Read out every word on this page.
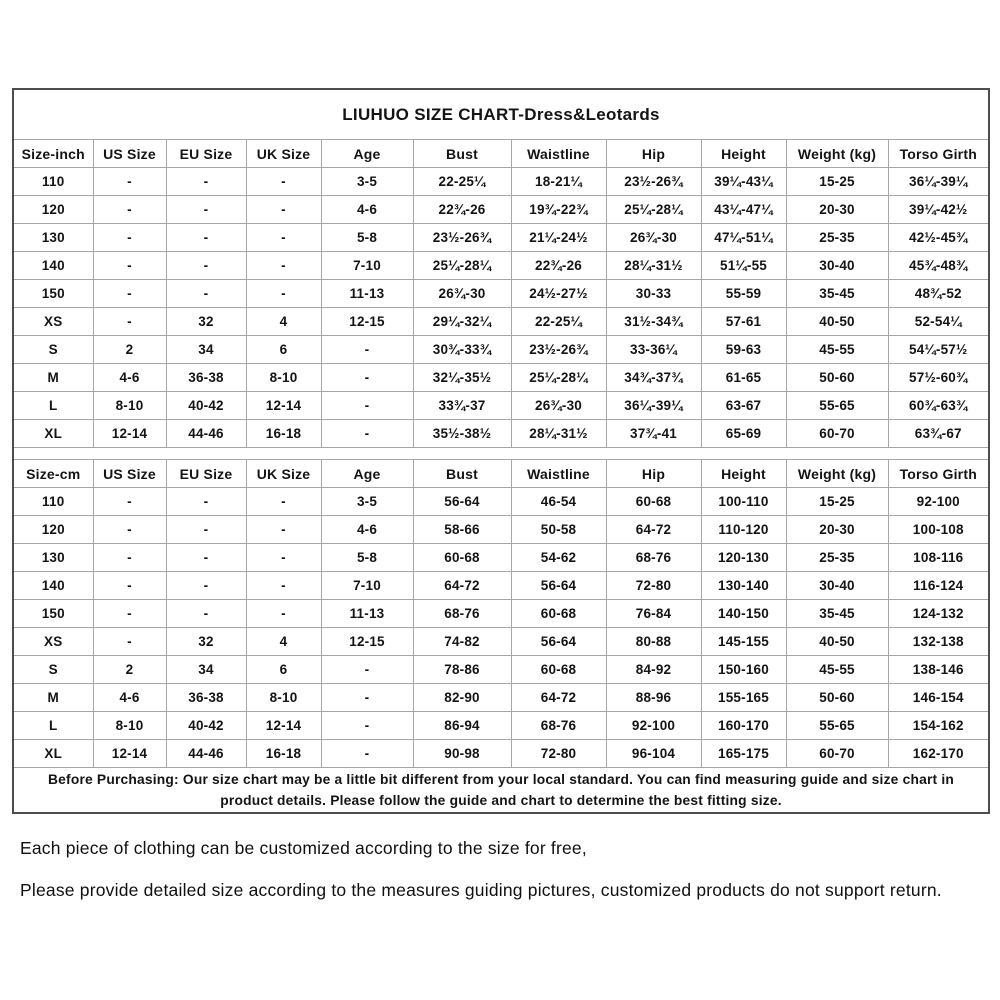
LIUHUO SIZE CHART-Dress&Leotards										
Size-inch	US Size	EU Size	UK Size	Age	Bust	Waistline	Hip	Height	Weight (kg)	Torso Girth
110	-	-	-	3-5	22-25¼	18-21¼	23½-26¾	39¼-43¼	15-25	36¼-39¼
120	-	-	-	4-6	22¾-26	19¾-22¾	25¼-28¼	43¼-47¼	20-30	39¼-42½
130	-	-	-	5-8	23½-26¾	21¼-24½	26¾-30	47¼-51¼	25-35	42½-45¾
140	-	-	-	7-10	25¼-28¼	22¾-26	28¼-31½	51¼-55	30-40	45¾-48¾
150	-	-	-	11-13	26¾-30	24½-27½	30-33	55-59	35-45	48¾-52
XS	-	32	4	12-15	29¼-32¼	22-25¼	31½-34¾	57-61	40-50	52-54¼
S	2	34	6	-	30¾-33¾	23½-26¾	33-36¼	59-63	45-55	54¼-57½
M	4-6	36-38	8-10	-	32¼-35½	25¼-28¼	34¾-37¾	61-65	50-60	57½-60¾
L	8-10	40-42	12-14	-	33¾-37	26¾-30	36¼-39¼	63-67	55-65	60¾-63¾
XL	12-14	44-46	16-18	-	35½-38½	28¼-31½	37¾-41	65-69	60-70	63¾-67

Size-cm	US Size	EU Size	UK Size	Age	Bust	Waistline	Hip	Height	Weight (kg)	Torso Girth
110	-	-	-	3-5	56-64	46-54	60-68	100-110	15-25	92-100
120	-	-	-	4-6	58-66	50-58	64-72	110-120	20-30	100-108
130	-	-	-	5-8	60-68	54-62	68-76	120-130	25-35	108-116
140	-	-	-	7-10	64-72	56-64	72-80	130-140	30-40	116-124
150	-	-	-	11-13	68-76	60-68	76-84	140-150	35-45	124-132
XS	-	32	4	12-15	74-82	56-64	80-88	145-155	40-50	132-138
S	2	34	6	-	78-86	60-68	84-92	150-160	45-55	138-146
M	4-6	36-38	8-10	-	82-90	64-72	88-96	155-165	50-60	146-154
L	8-10	40-42	12-14	-	86-94	68-76	92-100	160-170	55-65	154-162
XL	12-14	44-46	16-18	-	90-98	72-80	96-104	165-175	60-70	162-170

Before Purchasing: Our size chart may be a little bit different from your local standard. You can find measuring guide and size chart in
product details. Please follow the guide and chart to determine the best fitting size.										

Each piece of clothing can be customized according to the size for free,

Please provide detailed size according to the measures guiding pictures, customized products do not support return.
